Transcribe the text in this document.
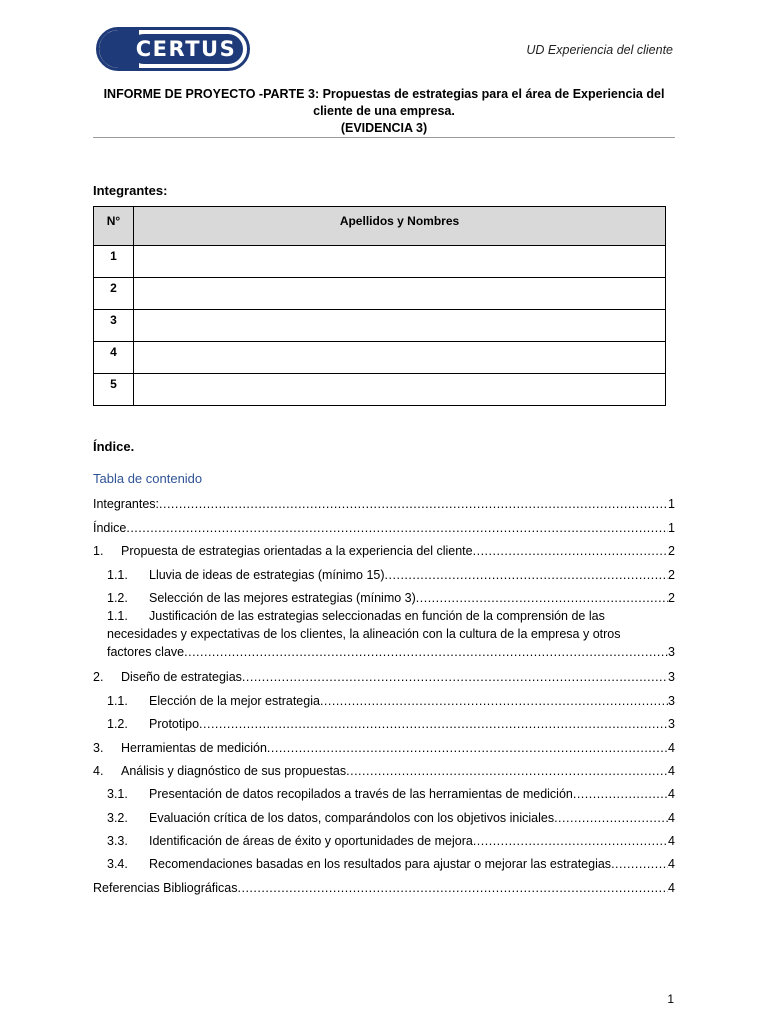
CERTUS	UD Experiencia del cliente
INFORME DE PROYECTO -PARTE 3: Propuestas de estrategias para el área de Experiencia del
cliente de una empresa.
(EVIDENCIA 3)
Integrantes:
N°	Apellidos y Nombres
1	
2	
3	
4	
5	
Índice.
Tabla de contenido
Integrantes: .....	1
Índice .....	1
1.	Propuesta de estrategias orientadas a la experiencia del cliente .....	2
1.1.	Lluvia de ideas de estrategias (mínimo 15) .....	2
1.2.	Selección de las mejores estrategias (mínimo 3) .....	2
1.1. Justificación de las estrategias seleccionadas en función de la comprensión de las
necesidades y expectativas de los clientes, la alineación con la cultura de la empresa y otros
factores clave .....	3
2.	Diseño de estrategias .....	3
1.1.	Elección de la mejor estrategia .....	3
1.2.	Prototipo .....	3
3.	Herramientas de medición .....	4
4.	Análisis y diagnóstico de sus propuestas .....	4
3.1.	Presentación de datos recopilados a través de las herramientas de medición .....	4
3.2.	Evaluación crítica de los datos, comparándolos con los objetivos iniciales .....	4
3.3.	Identificación de áreas de éxito y oportunidades de mejora .....	4
3.4.	Recomendaciones basadas en los resultados para ajustar o mejorar las estrategias .....	4
Referencias Bibliográficas .....	4
1
